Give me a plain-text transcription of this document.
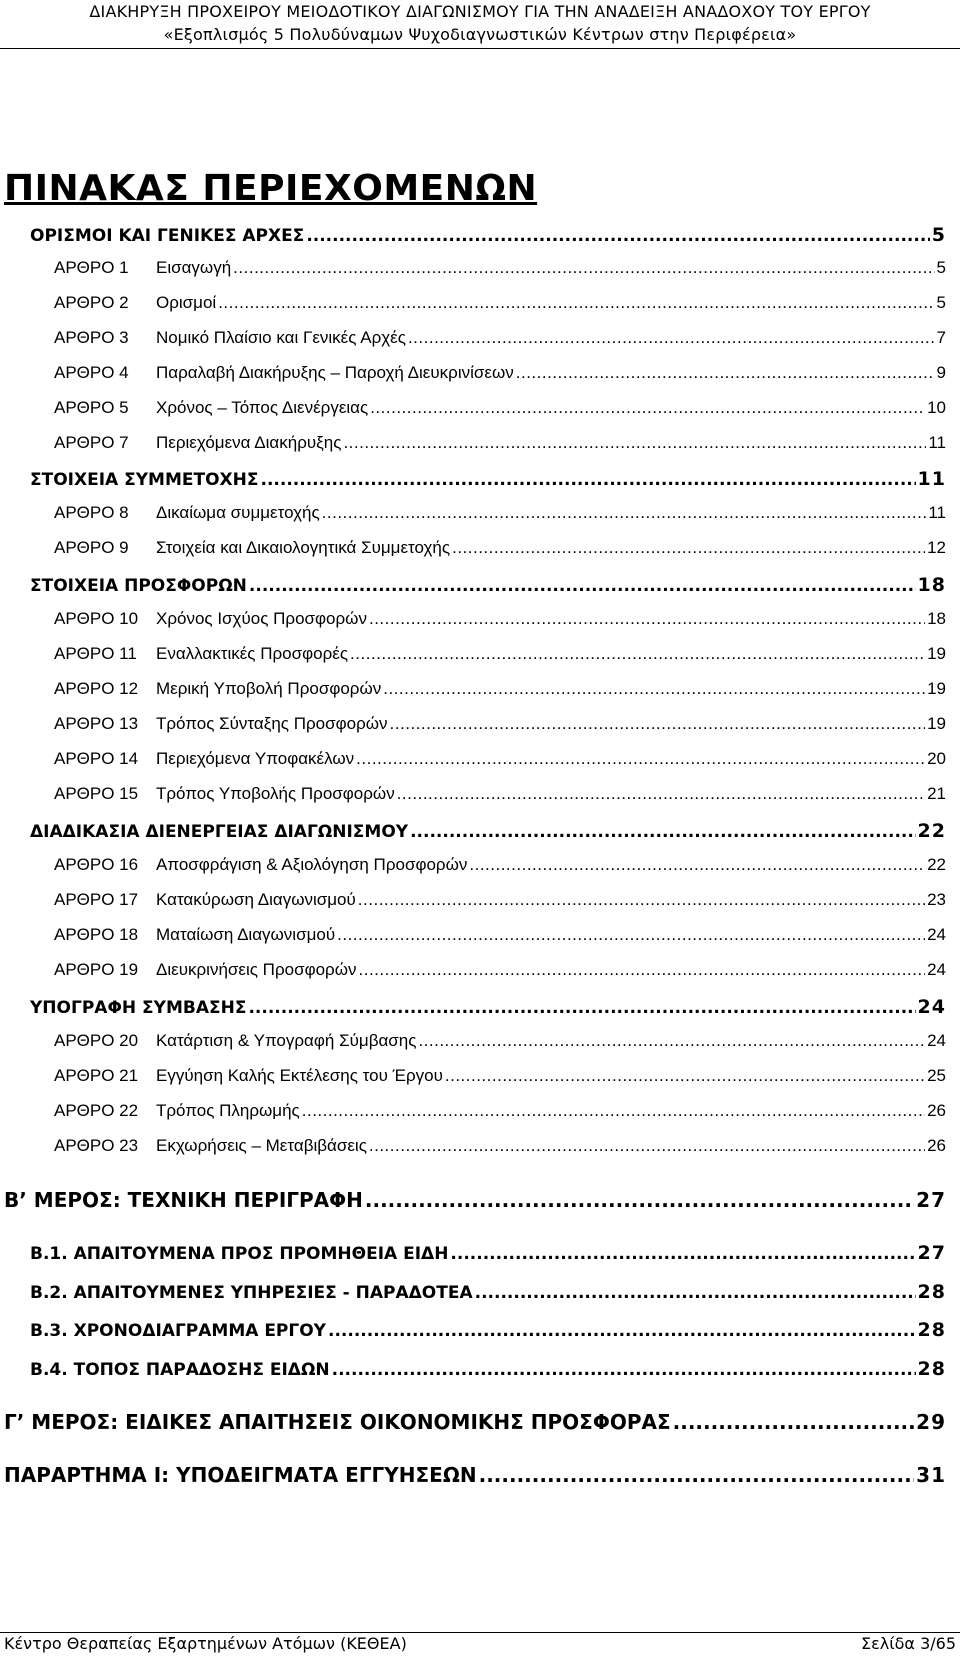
ΔΙΑΚΗΡΥΞΗ ΠΡΟΧΕΙΡΟΥ ΜΕΙΟΔΟΤΙΚΟΥ ΔΙΑΓΩΝΙΣΜΟΥ ΓΙΑ ΤΗΝ ΑΝΑΔΕΙΞΗ ΑΝΑΔΟΧΟΥ ΤΟΥ ΕΡΓΟΥ
«Εξοπλισμός 5 Πολυδύναμων Ψυχοδιαγνωστικών Κέντρων στην Περιφέρεια»
ΠΙΝΑΚΑΣ ΠΕΡΙΕΧΟΜΕΝΩΝ
ΟΡΙΣΜΟΙ ΚΑΙ ΓΕΝΙΚΕΣ ΑΡΧΕΣ .....	5
ΑΡΘΡΟ 1	Εισαγωγή .....	5
ΑΡΘΡΟ 2	Ορισμοί .....	5
ΑΡΘΡΟ 3	Νομικό Πλαίσιο και Γενικές Αρχές .....	7
ΑΡΘΡΟ 4	Παραλαβή Διακήρυξης – Παροχή Διευκρινίσεων .....	9
ΑΡΘΡΟ 5	Χρόνος – Τόπος Διενέργειας .....	10
ΑΡΘΡΟ 7	Περιεχόμενα Διακήρυξης .....	11
ΣΤΟΙΧΕΙΑ ΣΥΜΜΕΤΟΧΗΣ .....	11
ΑΡΘΡΟ 8	Δικαίωμα συμμετοχής .....	11
ΑΡΘΡΟ 9	Στοιχεία και Δικαιολογητικά Συμμετοχής .....	12
ΣΤΟΙΧΕΙΑ ΠΡΟΣΦΟΡΩΝ .....	18
ΑΡΘΡΟ 10	Χρόνος Ισχύος Προσφορών .....	18
ΑΡΘΡΟ 11	Εναλλακτικές Προσφορές .....	19
ΑΡΘΡΟ 12	Μερική Υποβολή Προσφορών .....	19
ΑΡΘΡΟ 13	Τρόπος Σύνταξης Προσφορών .....	19
ΑΡΘΡΟ 14	Περιεχόμενα Υποφακέλων .....	20
ΑΡΘΡΟ 15	Τρόπος Υποβολής Προσφορών .....	21
ΔΙΑΔΙΚΑΣΙΑ ΔΙΕΝΕΡΓΕΙΑΣ ΔΙΑΓΩΝΙΣΜΟΥ .....	22
ΑΡΘΡΟ 16	Αποσφράγιση & Αξιολόγηση Προσφορών .....	22
ΑΡΘΡΟ 17	Κατακύρωση Διαγωνισμού .....	23
ΑΡΘΡΟ 18	Ματαίωση Διαγωνισμού .....	24
ΑΡΘΡΟ 19	Διευκρινήσεις Προσφορών .....	24
ΥΠΟΓΡΑΦΗ ΣΥΜΒΑΣΗΣ .....	24
ΑΡΘΡΟ 20	Κατάρτιση & Υπογραφή Σύμβασης .....	24
ΑΡΘΡΟ 21	Εγγύηση Καλής Εκτέλεσης του Έργου .....	25
ΑΡΘΡΟ 22	Τρόπος Πληρωμής .....	26
ΑΡΘΡΟ 23	Εκχωρήσεις – Μεταβιβάσεις .....	26
Β’ ΜΕΡΟΣ: ΤΕΧΝΙΚΗ ΠΕΡΙΓΡΑΦΗ .....	27
Β.1. ΑΠΑΙΤΟΥΜΕΝΑ ΠΡΟΣ ΠΡΟΜΗΘΕΙΑ ΕΙΔΗ .....	27
Β.2. ΑΠΑΙΤΟΥΜΕΝΕΣ ΥΠΗΡΕΣΙΕΣ - ΠΑΡΑΔΟΤΕΑ .....	28
Β.3. ΧΡΟΝΟΔΙΑΓΡΑΜΜΑ ΕΡΓΟΥ .....	28
Β.4. ΤΟΠΟΣ ΠΑΡΑΔΟΣΗΣ ΕΙΔΩΝ .....	28
Γ’ ΜΕΡΟΣ: ΕΙΔΙΚΕΣ ΑΠΑΙΤΗΣΕΙΣ ΟΙΚΟΝΟΜΙΚΗΣ ΠΡΟΣΦΟΡΑΣ .....	29
ΠΑΡΑΡΤΗΜΑ Ι: ΥΠΟΔΕΙΓΜΑΤΑ ΕΓΓΥΗΣΕΩΝ .....	31
Κέντρο Θεραπείας Εξαρτημένων Ατόμων (ΚΕΘΕΑ)	Σελίδα 3/65
